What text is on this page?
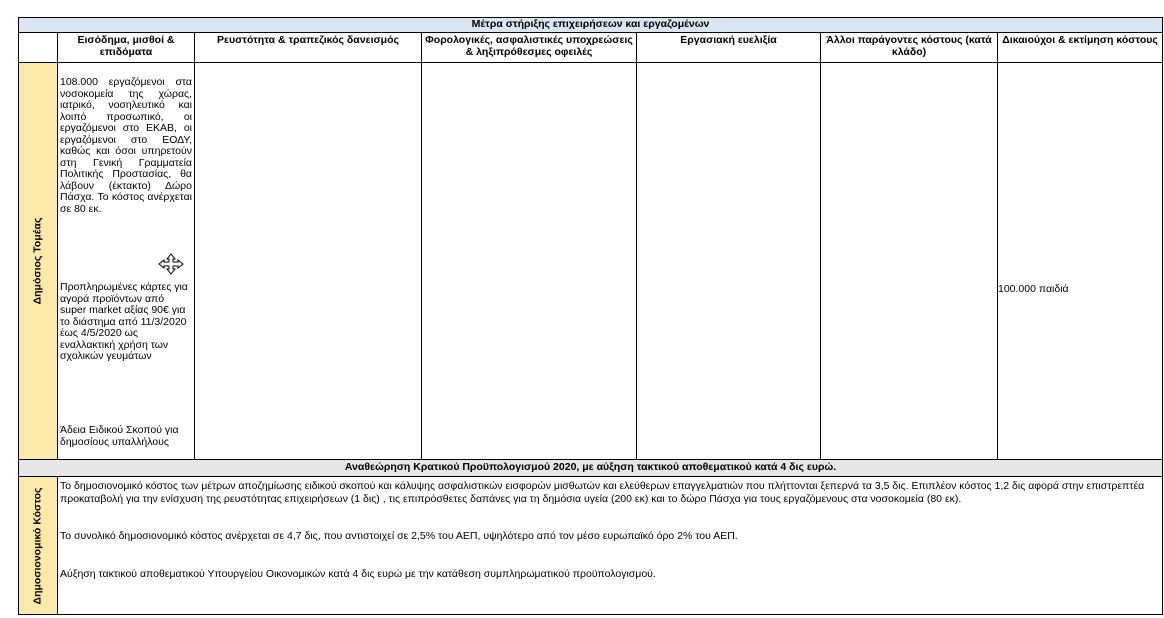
Μέτρα στήριξης επιχειρήσεων και εργαζομένων						
	Εισόδημα, μισθοί & επιδόματα	Ρευστότητα & τραπεζικός δανεισμός	Φορολογικές, ασφαλιστικές υποχρεώσεις & ληξιπρόθεσμες οφειλές	Εργασιακή ευελιξία	Άλλοι παράγοντες κόστους (κατά κλάδο)	Δικαιούχοι & εκτίμηση κόστους

Δημόσιος Τομέας	108.000 εργαζόμενοι στα νοσοκομεία της χώρας, ιατρικό, νοσηλευτικό και λοιπό προσωπικό, οι εργαζόμενοι στο ΕΚΑΒ, οι εργαζόμενοι στο ΕΟΔΥ, καθώς και όσοι υπηρετούν στη Γενική Γραμματεία Πολιτικής Προστασίας, θα λάβουν (έκτακτο) Δώρο Πάσχα. Το κόστος ανέρχεται σε 80 εκ.
Προπληρωμένες κάρτες για αγορά προϊόντων από super market αξίας 90€ για το διάστημα από 11/3/2020 έως 4/5/2020 ως εναλλακτική χρήση των σχολικών γευμάτων
Άδεια Ειδικού Σκοπού για δημοσίους υπαλλήλους					100.000 παιδιά

Αναθεώρηση Κρατικού Προϋπολογισμού 2020, με αύξηση τακτικού αποθεματικού κατά 4 δις ευρώ.						

Δημοσιονομικό Κόστος	Το δημοσιονομικό κόστος των μέτρων αποζημίωσης ειδικού σκοπού και κάλυψης ασφαλιστικών εισφορών μισθωτών και ελεύθερων επαγγελματιών που πλήττονται ξεπερνά τα 3,5 δις. Επιπλέον κόστος 1,2 δις αφορά στην επιστρεπτέα προκαταβολή για την ενίσχυση της ρευστότητας επιχειρήσεων (1 δις) , τις επιπρόσθετες δαπάνες για τη δημόσια υγεία (200 εκ) και το δώρο Πάσχα για τους εργαζόμενους στα νοσοκομεία (80 εκ).

Το συνολικό δημοσιονομικό κόστος ανέρχεται σε 4,7 δις, που αντιστοιχεί σε 2,5% του ΑΕΠ, υψηλότερο από τον μέσο ευρωπαϊκό όρο 2% του ΑΕΠ.

Αύξηση τακτικού αποθεματικού Υπουργείου Οικονομικών κατά 4 δις ευρώ με την κατάθεση συμπληρωματικού προϋπολογισμού.					
